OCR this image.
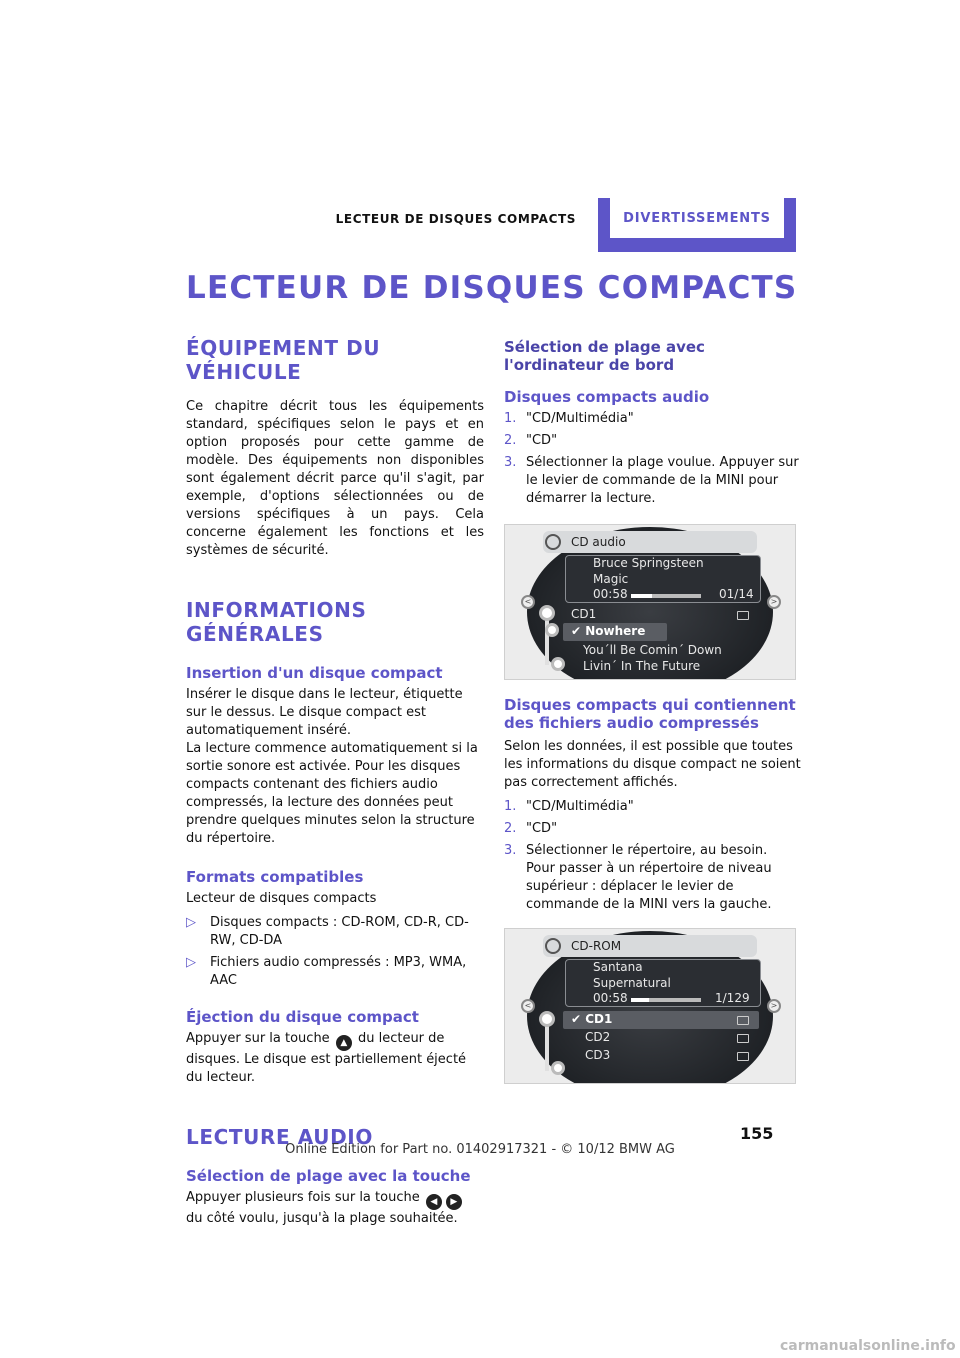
LECTEUR DE DISQUES COMPACTS	DIVERTISSEMENTS
LECTEUR DE DISQUES COMPACTS
ÉQUIPEMENT DU VÉHICULE

Ce chapitre décrit tous les équipements standard, spécifiques selon le pays et en option proposés pour cette gamme de modèle. Des équipements non disponibles sont également décrit parce qu'il s'agit, par exemple, d'options sélectionnées ou de versions spécifiques à un pays. Cela concerne également les fonctions et les systèmes de sécurité.

INFORMATIONS GÉNÉRALES
Insertion d'un disque compact

Insérer le disque dans le lecteur, étiquette sur le dessus. Le disque compact est automatiquement inséré.

La lecture commence automatiquement si la sortie sonore est activée. Pour les disques compacts contenant des fichiers audio compressés, la lecture des données peut prendre quelques minutes selon la structure du répertoire.

Formats compatibles

Lecteur de disques compacts

▷	Disques compacts : CD-ROM, CD-R, CD-RW, CD-DA
▷	Fichiers audio compressés : MP3, WMA, AAC
Éjection du disque compact

Appuyer sur la touche ▲ du lecteur de disques. Le disque est partiellement éjecté du lecteur.

LECTURE AUDIO
Sélection de plage avec la touche

Appuyer plusieurs fois sur la touche ◀ ▶ du côté voulu, jusqu'à la plage souhaitée.

Sélection de plage avec l'ordinateur de bord
Disques compacts audio
1. "CD/Multimédia"
2. "CD"
3. Sélectionner la plage voulue. Appuyer sur le levier de commande de la MINI pour démarrer la lecture.
CD audio
Bruce Springsteen
Magic
00:58	01/14
CD1
✔ Nowhere
You´ll Be Comin´ Down
Livin´ In The Future
<	>
Disques compacts qui contiennent des fichiers audio compressés

Selon les données, il est possible que toutes les informations du disque compact ne soient pas correctement affichés.

1. "CD/Multimédia"
2. "CD"
3. Sélectionner le répertoire, au besoin.
Pour passer à un répertoire de niveau supérieur : déplacer le levier de commande de la MINI vers la gauche.
CD-ROM
Santana
Supernatural
00:58	1/129
✔ CD1
CD2
CD3
<	>
155
Online Edition for Part no. 01402917321 - © 10/12 BMW AG
carmanualsonline.info
